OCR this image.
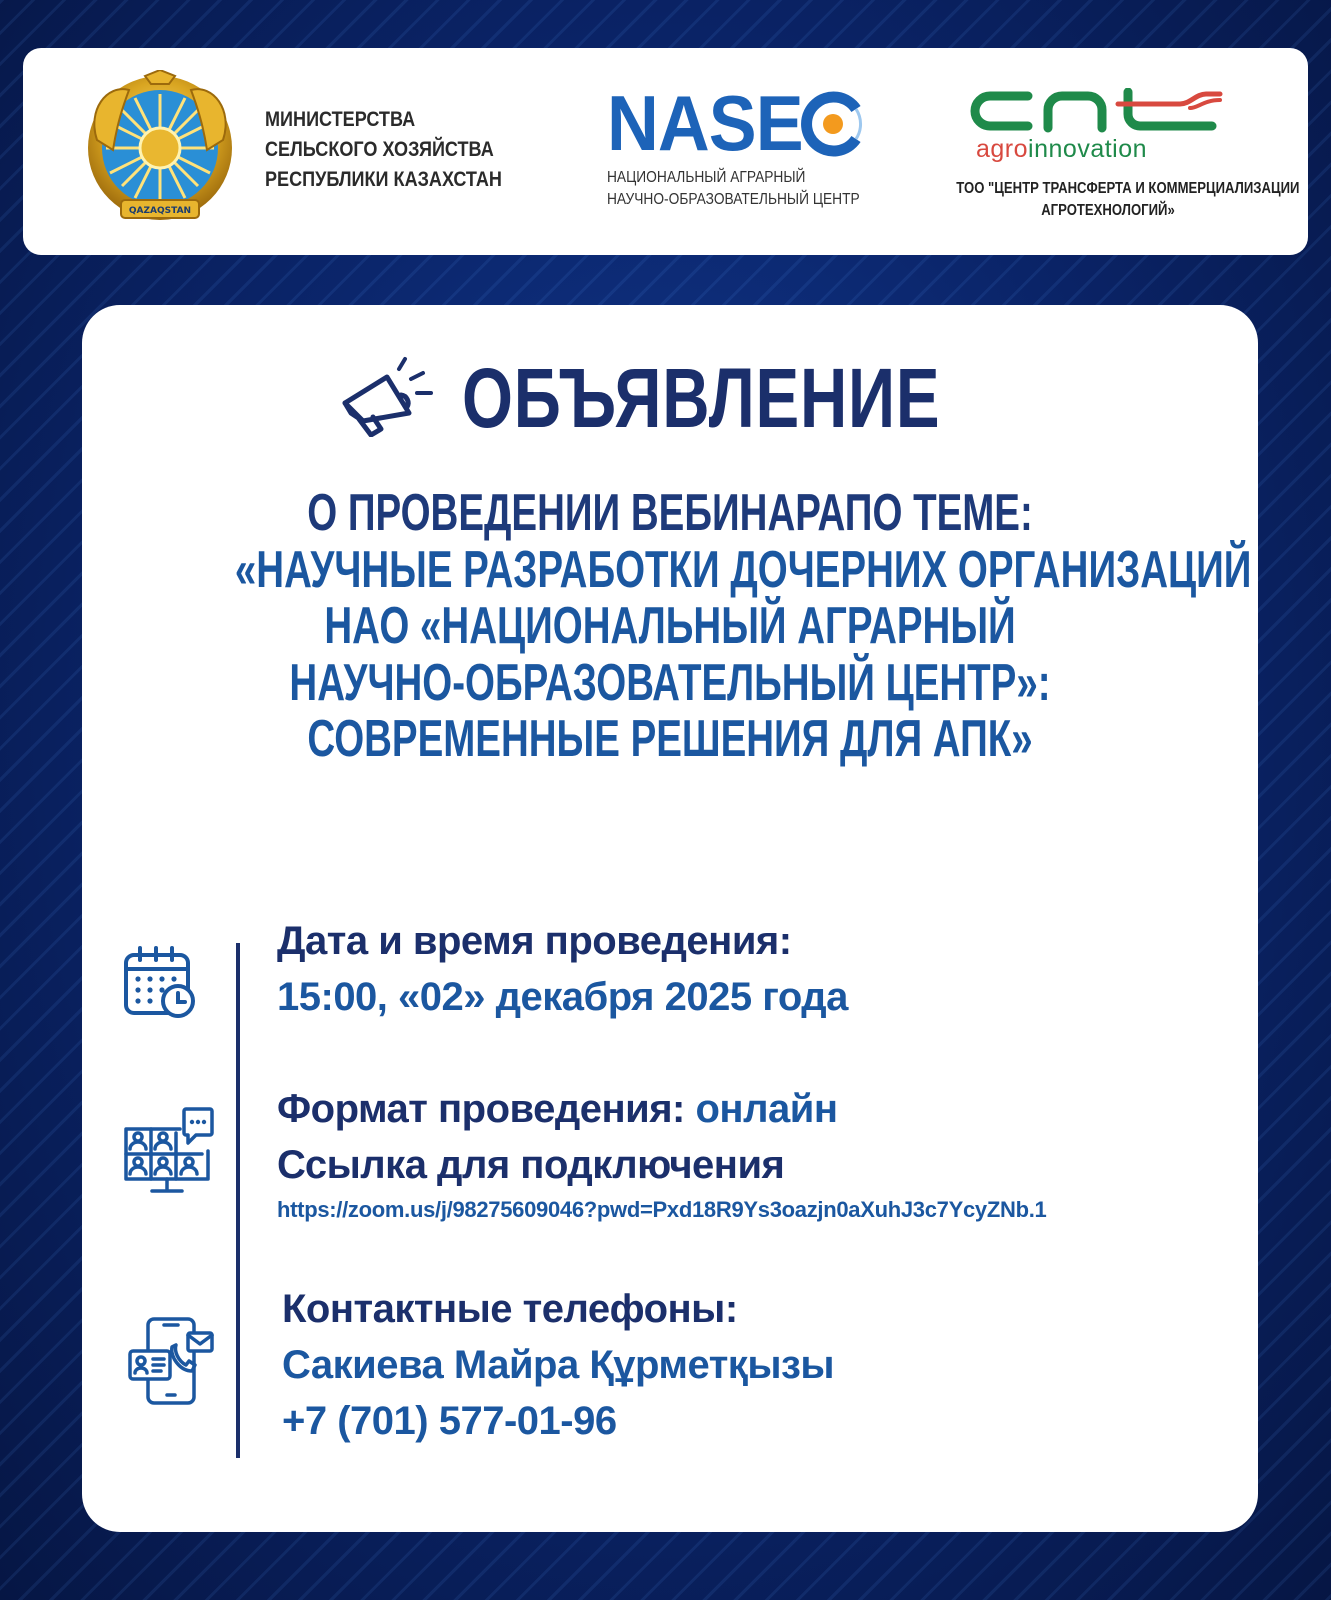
QAZAQSTAN
МИНИСТЕРСТВА
СЕЛЬСКОГО ХОЗЯЙСТВА
РЕСПУБЛИКИ КАЗАХСТАН
NASE
НАЦИОНАЛЬНЫЙ АГРАРНЫЙ
НАУЧНО-ОБРАЗОВАТЕЛЬНЫЙ ЦЕНТР
agroinnovation
ТОО "ЦЕНТР ТРАНСФЕРТА И КОММЕРЦИАЛИЗАЦИИ
АГРОТЕХНОЛОГИЙ»
ОБЪЯВЛЕНИЕ
О ПРОВЕДЕНИИ ВЕБИНАРАПО ТЕМЕ:
«НАУЧНЫЕ РАЗРАБОТКИ ДОЧЕРНИХ ОРГАНИЗАЦИЙ
НАО «НАЦИОНАЛЬНЫЙ АГРАРНЫЙ
НАУЧНО-ОБРАЗОВАТЕЛЬНЫЙ ЦЕНТР»:
СОВРЕМЕННЫЕ РЕШЕНИЯ ДЛЯ АПК»
Дата и время проведения:
15:00, «02» декабря 2025 года
Формат проведения: онлайн
Ссылка для подключения
https://zoom.us/j/98275609046?pwd=Pxd18R9Ys3oazjn0aXuhJ3c7YcyZNb.1
Контактные телефоны:
Сакиева Майра Құрметқызы
+7 (701) 577-01-96
